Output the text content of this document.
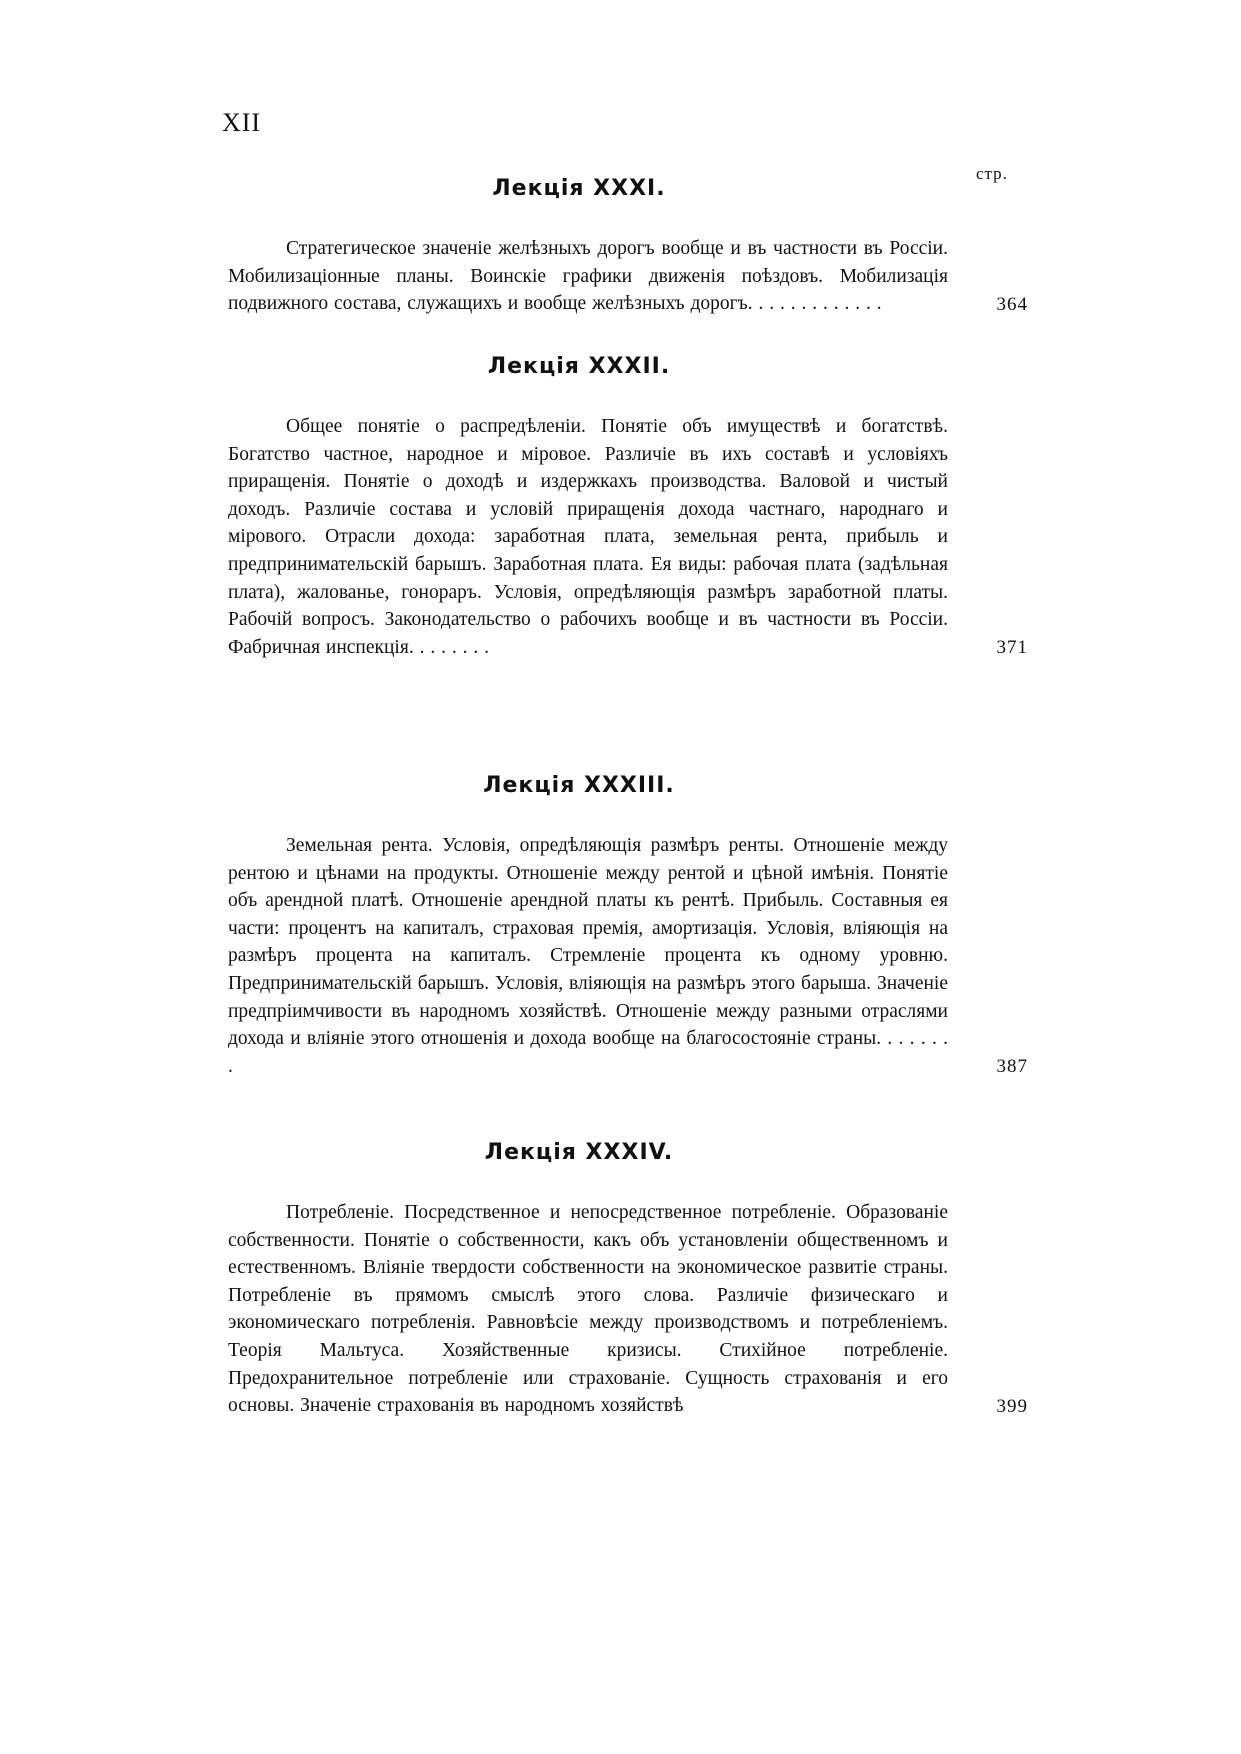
XII
стр.
Лекція XXXI.

Стратегическое значеніе желѣзныхъ дорогъ вообще и въ частности въ Россіи. Мобилизаціонные планы. Воинскіе графики движенія поѣздовъ. Мобилизація подвижного состава, служащихъ и вообще желѣзныхъ дорогъ. . . . . . . . . . . . .	364
Лекція XXXII.

Общее понятіе о распредѣленіи. Понятіе объ имуществѣ и богатствѣ. Богатство частное, народное и міровое. Различіе въ ихъ составѣ и условіяхъ приращенія. Понятіе о доходѣ и издержкахъ производства. Валовой и чистый доходъ. Различіе состава и условій приращенія дохода частнаго, народнаго и мірового. Отрасли дохода: заработная плата, земельная рента, прибыль и предпринимательскій барышъ. Заработная плата. Ея виды: рабочая плата (задѣльная плата), жалованье, гонораръ. Условія, опредѣляющія размѣръ заработной платы. Рабочій вопросъ. Законодательство о рабочихъ вообще и въ частности въ Россіи. Фабричная инспекція. . . . . . . .	371
Лекція XXXIII.

Земельная рента. Условія, опредѣляющія размѣръ ренты. Отношеніе между рентою и цѣнами на продукты. Отношеніе между рентой и цѣной имѣнія. Понятіе объ арендной платѣ. Отношеніе арендной платы къ рентѣ. Прибыль. Составныя ея части: процентъ на капиталъ, страховая премія, амортизація. Условія, вліяющія на размѣръ процента на капиталъ. Стремленіе процента къ одному уровню. Предпринимательскій барышъ. Условія, вліяющія на размѣръ этого барыша. Значеніе предпріимчивости въ народномъ хозяйствѣ. Отношеніе между разными отраслями дохода и вліяніе этого отношенія и дохода вообще на благосостояніе страны. . . . . . . .	387
Лекція XXXIV.

Потребленіе. Посредственное и непосредственное потребленіе. Образованіе собственности. Понятіе о собственности, какъ объ установленіи общественномъ и естественномъ. Вліяніе твердости собственности на экономическое развитіе страны. Потребленіе въ прямомъ смыслѣ этого слова. Различіе физическаго и экономическаго потребленія. Равновѣсіе между производствомъ и потребленіемъ. Теорія Мальтуса. Хозяйственные кризисы. Стихійное потребленіе. Предохранительное потребленіе или страхованіе. Сущность страхованія и его основы. Значеніе страхованія въ народномъ хозяйствѣ	399
